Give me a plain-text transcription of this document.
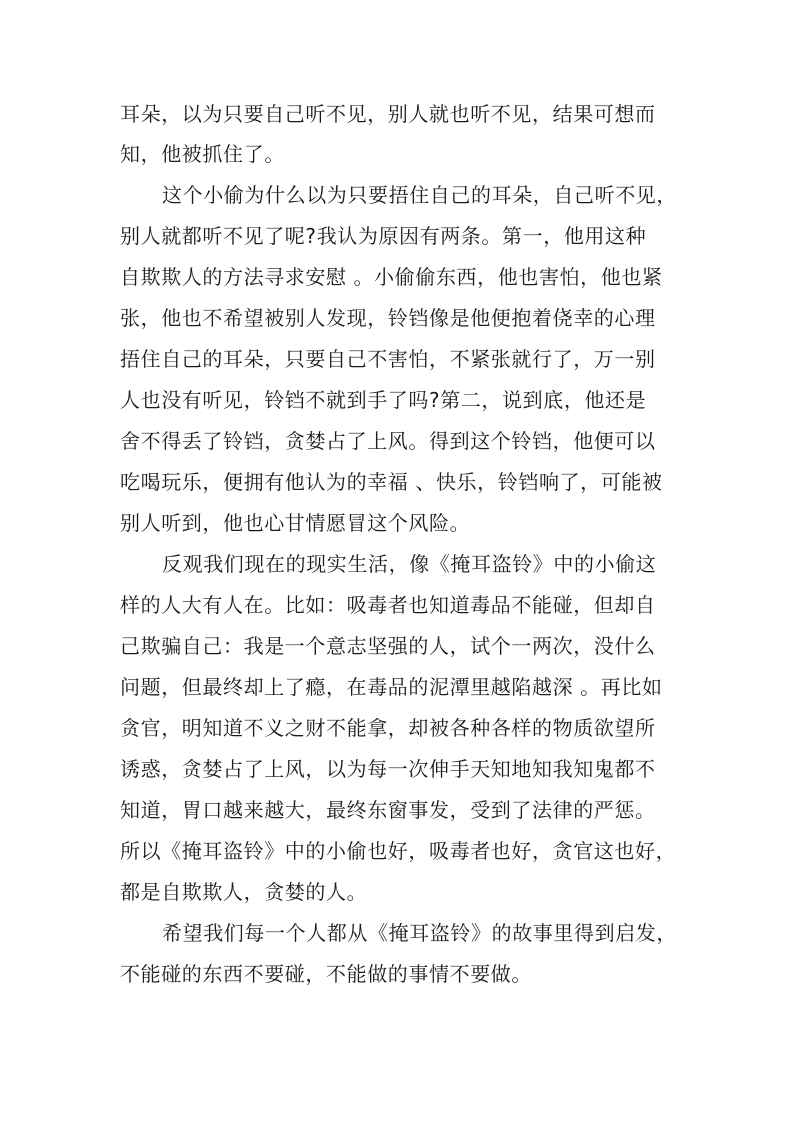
耳朵，以为只要自己听不见，别人就也听不见，结果可想而

知，他被抓住了。

这个小偷为什么以为只要捂住自己的耳朵，自己听不见，

别人就都听不见了呢?我认为原因有两条。第一，他用这种

自欺欺人的方法寻求安慰 。小偷偷东西，他也害怕，他也紧

张，他也不希望被别人发现，铃铛像是他便抱着侥幸的心理

捂住自己的耳朵，只要自己不害怕，不紧张就行了，万一别

人也没有听见，铃铛不就到手了吗?第二，说到底，他还是

舍不得丢了铃铛，贪婪占了上风。得到这个铃铛，他便可以

吃喝玩乐，便拥有他认为的幸福 、快乐，铃铛响了，可能被

别人听到，他也心甘情愿冒这个风险。

反观我们现在的现实生活，像《掩耳盗铃》中的小偷这

样的人大有人在。比如：吸毒者也知道毒品不能碰，但却自

己欺骗自己：我是一个意志坚强的人，试个一两次，没什么

问题，但最终却上了瘾，在毒品的泥潭里越陷越深 。再比如

贪官，明知道不义之财不能拿，却被各种各样的物质欲望所

诱惑，贪婪占了上风，以为每一次伸手天知地知我知鬼都不

知道，胃口越来越大，最终东窗事发，受到了法律的严惩。

所以《掩耳盗铃》中的小偷也好，吸毒者也好，贪官这也好，

都是自欺欺人，贪婪的人。

希望我们每一个人都从《掩耳盗铃》的故事里得到启发，

不能碰的东西不要碰，不能做的事情不要做。
